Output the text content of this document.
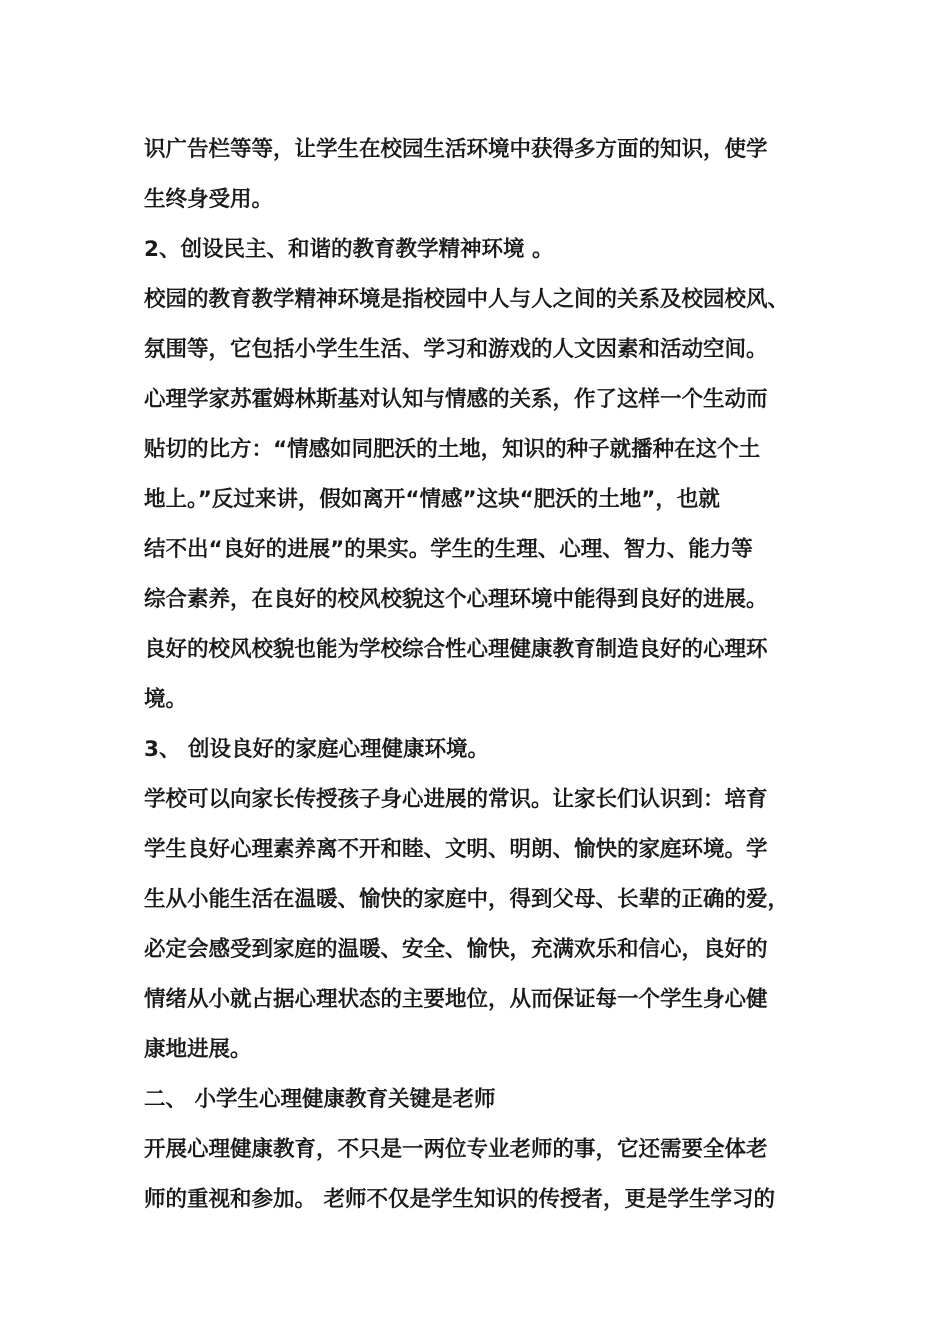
识广告栏等等，让学生在校园生活环境中获得多方面的知识，使学
生终身受用。
2、创设民主、和谐的教育教学精神环境 。
校园的教育教学精神环境是指校园中人与人之间的关系及校园校风、
氛围等，它包括小学生生活、学习和游戏的人文因素和活动空间。
心理学家苏霍姆林斯基对认知与情感的关系，作了这样一个生动而
贴切的比方：“情感如同肥沃的土地，知识的种子就播种在这个土
地上。”反过来讲，假如离开“情感”这块“肥沃的土地”，也就
结不出“良好的进展”的果实。学生的生理、心理、智力、能力等
综合素养，在良好的校风校貌这个心理环境中能得到良好的进展。
良好的校风校貌也能为学校综合性心理健康教育制造良好的心理环
境。
3、 创设良好的家庭心理健康环境。
学校可以向家长传授孩子身心进展的常识。让家长们认识到：培育
学生良好心理素养离不开和睦、文明、明朗、愉快的家庭环境。学
生从小能生活在温暖、愉快的家庭中，得到父母、长辈的正确的爱，
必定会感受到家庭的温暖、安全、愉快，充满欢乐和信心，良好的
情绪从小就占据心理状态的主要地位，从而保证每一个学生身心健
康地进展。
二、 小学生心理健康教育关键是老师
开展心理健康教育，不只是一两位专业老师的事，它还需要全体老
师的重视和参加。 老师不仅是学生知识的传授者，更是学生学习的
